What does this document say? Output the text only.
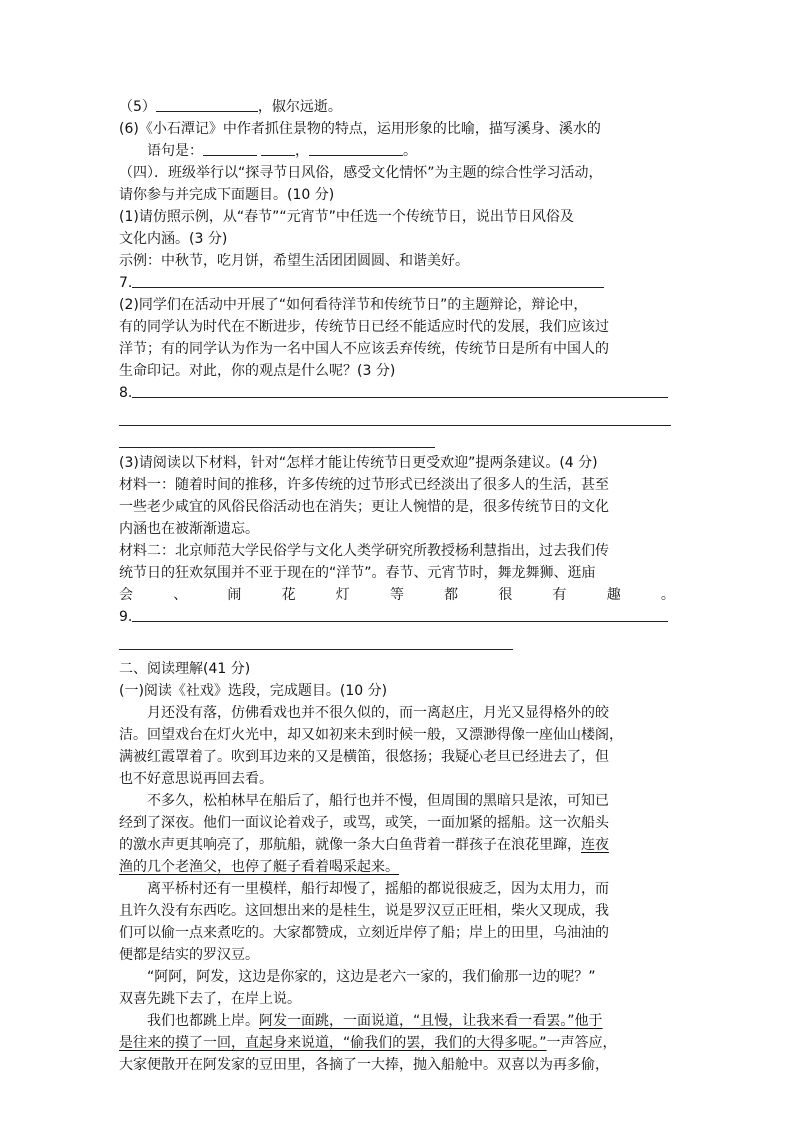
（5）	，俶尔远逝。
(6)《小石潭记》中作者抓住景物的特点，运用形象的比喻，描写溪身、溪水的
语句是：	，	。
（四）．班级举行以“探寻节日风俗，感受文化情怀”为主题的综合性学习活动，
请你参与并完成下面题目。(10 分)
(1)请仿照示例，从“春节”“元宵节”中任选一个传统节日，说出节日风俗及
文化内涵。(3 分)
示例：中秋节，吃月饼，希望生活团团圆圆、和谐美好。
7.
(2)同学们在活动中开展了“如何看待洋节和传统节日”的主题辩论，辩论中，
有的同学认为时代在不断进步，传统节日已经不能适应时代的发展，我们应该过
洋节；有的同学认为作为一名中国人不应该丢弃传统，传统节日是所有中国人的
生命印记。对此，你的观点是什么呢？(3 分)
8.
(3)请阅读以下材料，针对“怎样才能让传统节日更受欢迎”提两条建议。(4 分)
材料一：随着时间的推移，许多传统的过节形式已经淡出了很多人的生活，甚至
一些老少咸宜的风俗民俗活动也在消失；更让人惋惜的是，很多传统节日的文化
内涵也在被渐渐遗忘。
材料二：北京师范大学民俗学与文化人类学研究所教授杨利慧指出，过去我们传
统节日的狂欢氛围并不亚于现在的“洋节”。春节、元宵节时，舞龙舞狮、逛庙
会	、	闹	花	灯	等	都	很	有	趣	。
9.
二、阅读理解(41 分)
(一)阅读《社戏》选段，完成题目。(10 分)
月还没有落，仿佛看戏也并不很久似的，而一离赵庄，月光又显得格外的皎
洁。回望戏台在灯火光中，却又如初来未到时候一般，又漂渺得像一座仙山楼阁，
满被红霞罩着了。吹到耳边来的又是横笛，很悠扬；我疑心老旦已经进去了，但
也不好意思说再回去看。
不多久，松柏林早在船后了，船行也并不慢，但周围的黑暗只是浓，可知已
经到了深夜。他们一面议论着戏子，或骂，或笑，一面加紧的摇船。这一次船头
的激水声更其响亮了，那航船，就像一条大白鱼背着一群孩子在浪花里蹿，连夜
渔的几个老渔父，也停了艇子看着喝采起来。
离平桥村还有一里模样，船行却慢了，摇船的都说很疲乏，因为太用力，而
且许久没有东西吃。这回想出来的是桂生，说是罗汉豆正旺相，柴火又现成，我
们可以偷一点来煮吃的。大家都赞成，立刻近岸停了船；岸上的田里，乌油油的
便都是结实的罗汉豆。
“阿阿，阿发，这边是你家的，这边是老六一家的，我们偷那一边的呢？”
双喜先跳下去了，在岸上说。
我们也都跳上岸。阿发一面跳，一面说道，“且慢，让我来看一看罢。”他于
是往来的摸了一回，直起身来说道，“偷我们的罢，我们的大得多呢。”一声答应，
大家便散开在阿发家的豆田里，各摘了一大捧，抛入船舱中。双喜以为再多偷，
